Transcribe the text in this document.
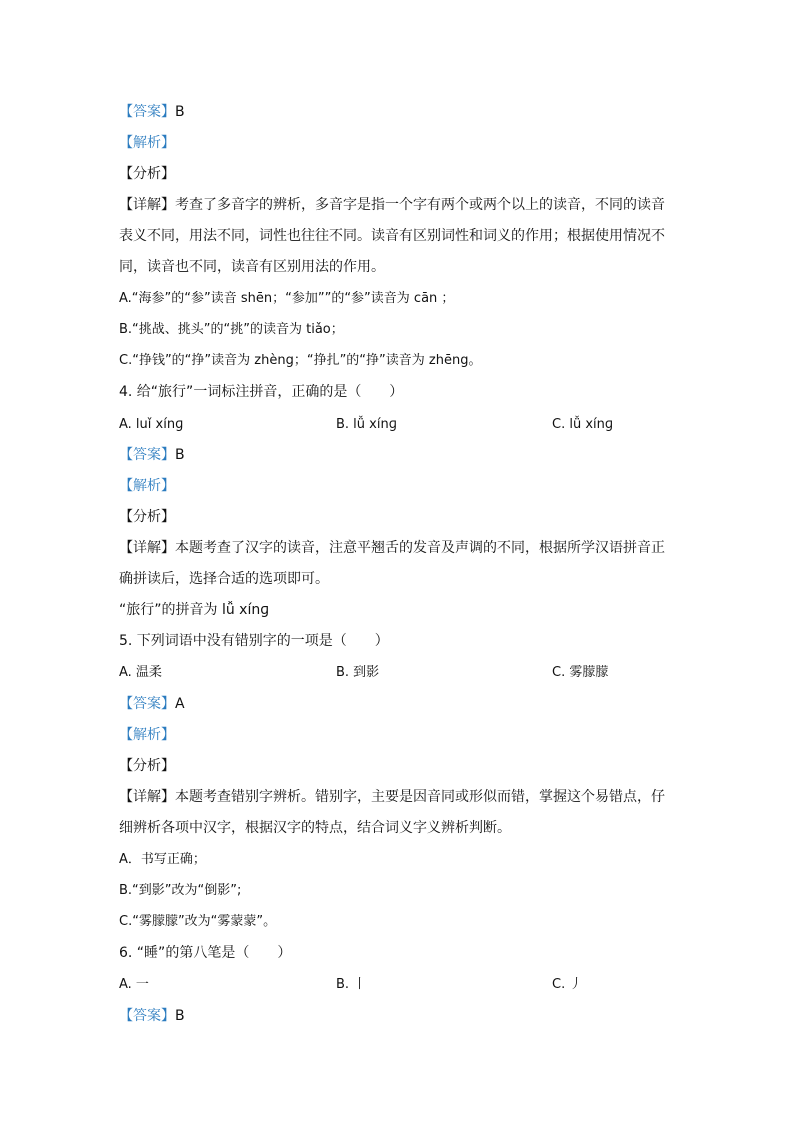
【答案】B
【解析】
【分析】
【详解】考查了多音字的辨析，多音字是指一个字有两个或两个以上的读音，不同的读音
表义不同，用法不同，词性也往往不同。读音有区别词性和词义的作用；根据使用情况不
同，读音也不同，读音有区别用法的作用。
A.“海参”的“参”读音 shēn；“参加””的“参”读音为 cān ；
B.“挑战、挑头”的“挑”的读音为 tiǎo；
C.“挣钱”的“挣”读音为 zhèng；“挣扎”的“挣”读音为 zhēng。
4. 给“旅行”一词标注拼音，正确的是（　　）
A. luǐ xínɡ	B. lǚ xínɡ	C. lǚ xínɡ
【答案】B
【解析】
【分析】
【详解】本题考查了汉字的读音，注意平翘舌的发音及声调的不同，根据所学汉语拼音正
确拼读后，选择合适的选项即可。
“旅行”的拼音为 lǚ xínɡ
5. 下列词语中没有错别字的一项是（　　）
A. 温柔	B. 到影	C. 雾朦朦
【答案】A
【解析】
【分析】
【详解】本题考查错别字辨析。错别字，主要是因音同或形似而错，掌握这个易错点，仔
细辨析各项中汉字，根据汉字的特点，结合词义字义辨析判断。
A．书写正确；
B.“到影”改为“倒影”;
C.“雾朦朦”改为“雾蒙蒙”。
6. “睡”的第八笔是（　　）
A. 一	B. 丨	C. 丿
【答案】B
